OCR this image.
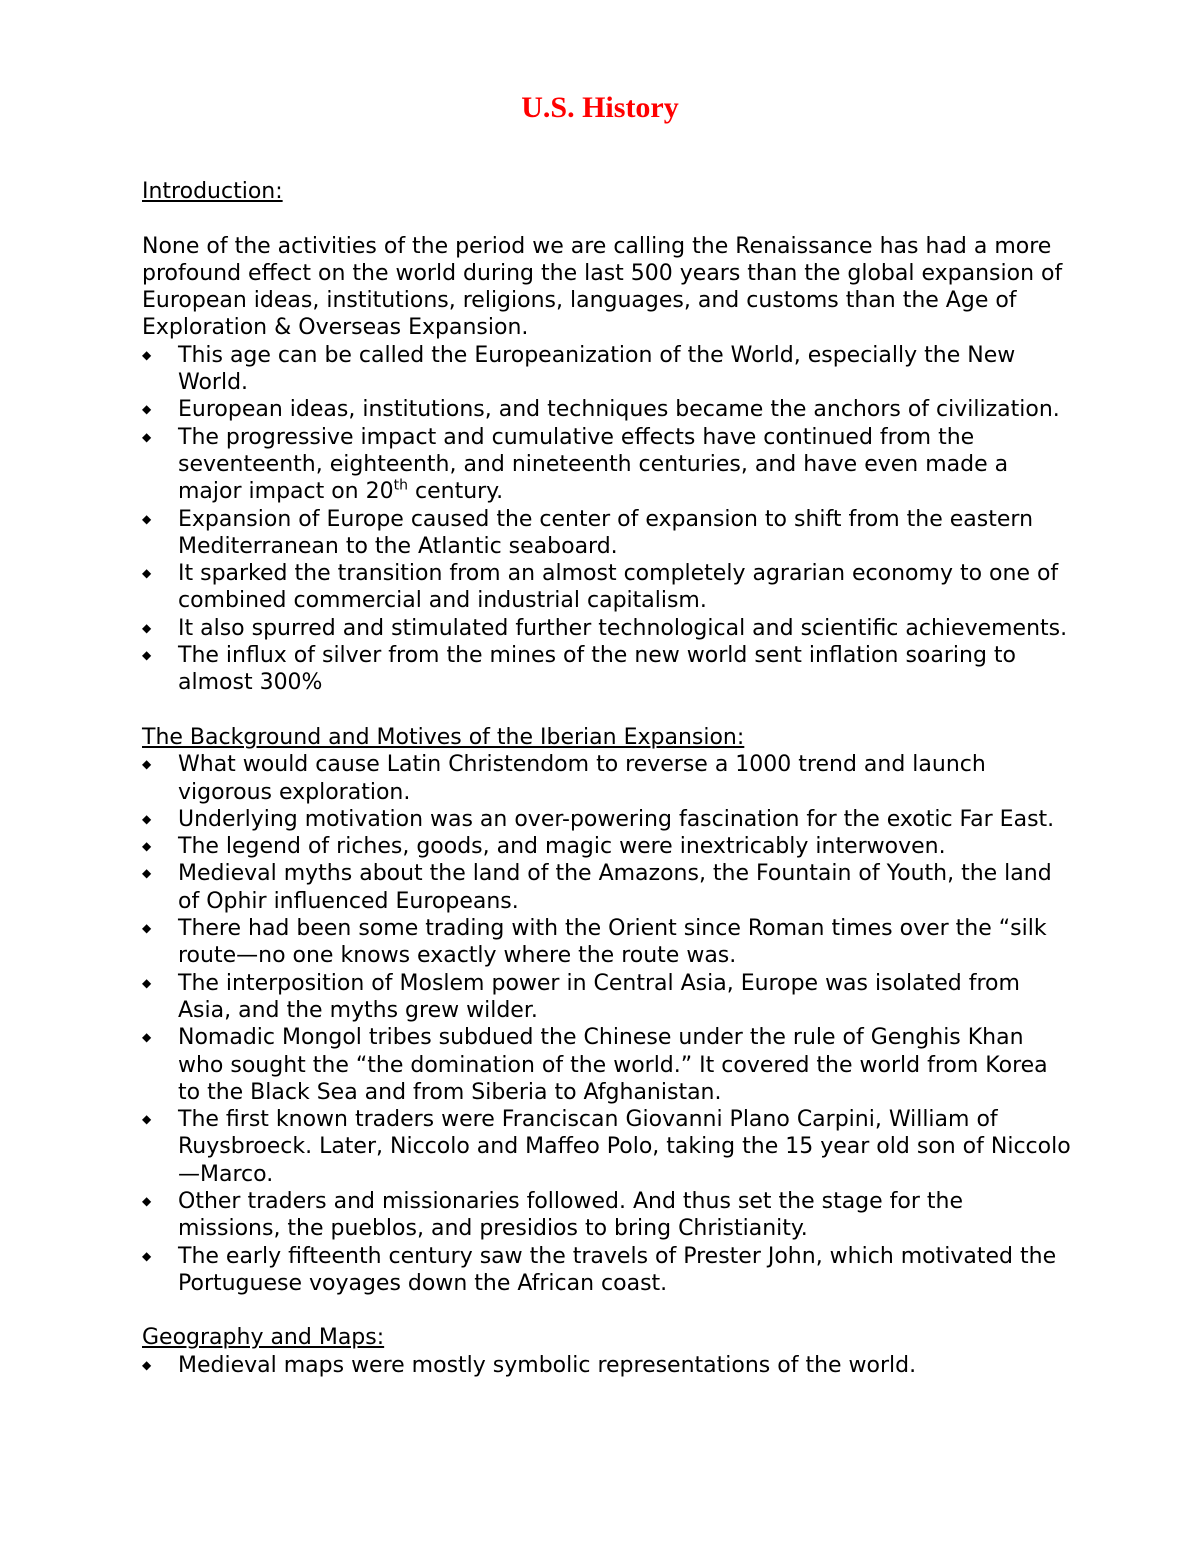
U.S. History

Introduction:

None of the activities of the period we are calling the Renaissance has had a more profound effect on the world during the last 500 years than the global expansion of European ideas, institutions, religions, languages, and customs than the Age of Exploration & Overseas Expansion.

◆ This age can be called the Europeanization of the World, especially the New World.
◆ European ideas, institutions, and techniques became the anchors of civilization.
◆ The progressive impact and cumulative effects have continued from the seventeenth, eighteenth, and nineteenth centuries, and have even made a major impact on 20th century.
◆ Expansion of Europe caused the center of expansion to shift from the eastern Mediterranean to the Atlantic seaboard.
◆ It sparked the transition from an almost completely agrarian economy to one of combined commercial and industrial capitalism.
◆ It also spurred and stimulated further technological and scientific achievements.
◆ The influx of silver from the mines of the new world sent inflation soaring to almost 300%

The Background and Motives of the Iberian Expansion:

◆ What would cause Latin Christendom to reverse a 1000 trend and launch vigorous exploration.
◆ Underlying motivation was an over-powering fascination for the exotic Far East.
◆ The legend of riches, goods, and magic were inextricably interwoven.
◆ Medieval myths about the land of the Amazons, the Fountain of Youth, the land of Ophir influenced Europeans.
◆ There had been some trading with the Orient since Roman times over the “silk route—no one knows exactly where the route was.
◆ The interposition of Moslem power in Central Asia, Europe was isolated from Asia, and the myths grew wilder.
◆ Nomadic Mongol tribes subdued the Chinese under the rule of Genghis Khan who sought the “the domination of the world.” It covered the world from Korea to the Black Sea and from Siberia to Afghanistan.
◆ The first known traders were Franciscan Giovanni Plano Carpini, William of Ruysbroeck. Later, Niccolo and Maffeo Polo, taking the 15 year old son of Niccolo—Marco.
◆ Other traders and missionaries followed. And thus set the stage for the missions, the pueblos, and presidios to bring Christianity.
◆ The early fifteenth century saw the travels of Prester John, which motivated the Portuguese voyages down the African coast.

Geography and Maps:

◆ Medieval maps were mostly symbolic representations of the world.
